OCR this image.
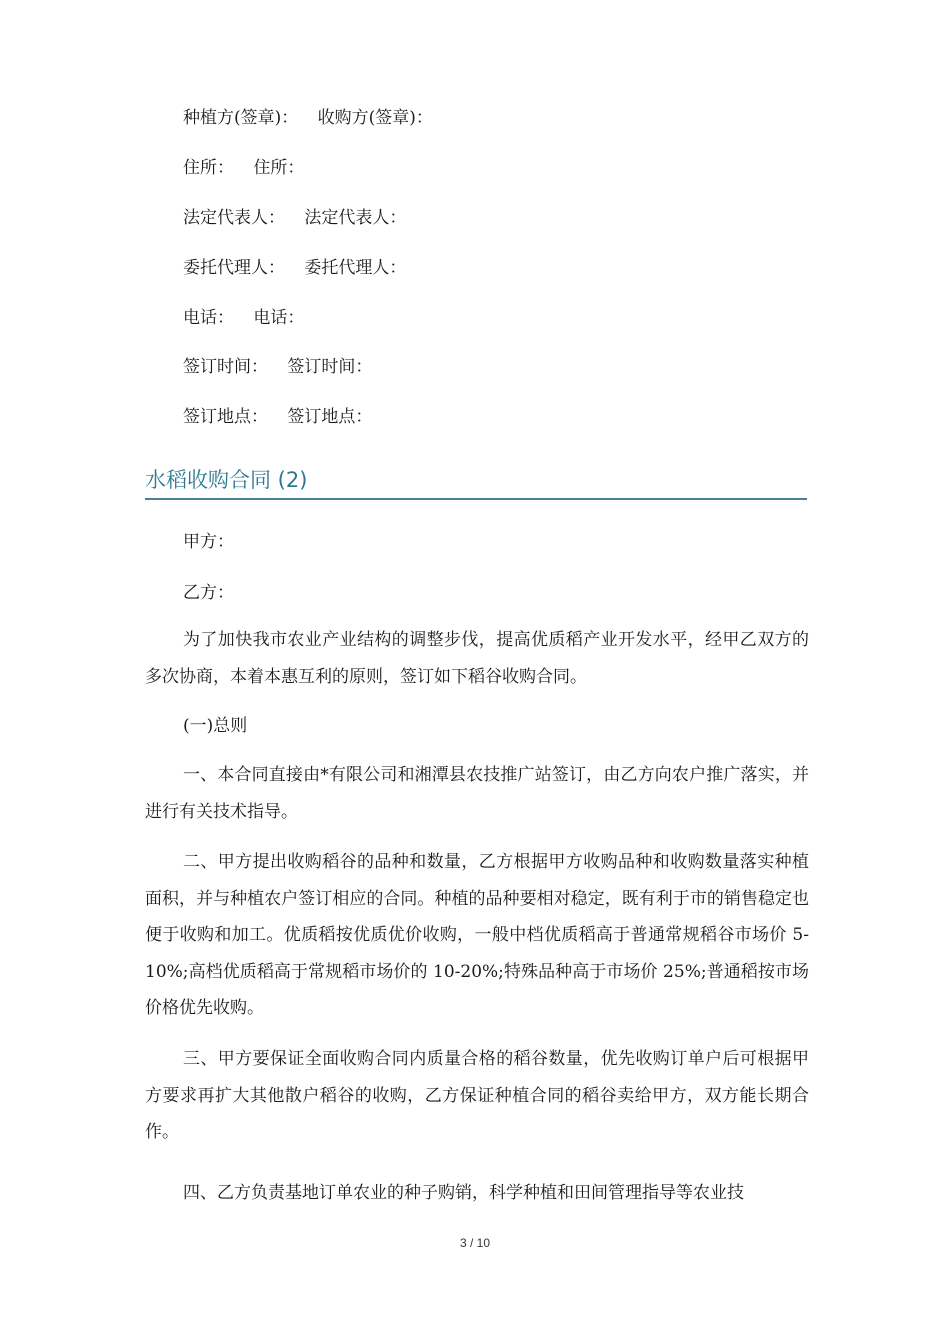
种植方(签章)： 收购方(签章)：
住所： 住所：
法定代表人： 法定代表人：
委托代理人： 委托代理人：
电话： 电话：
签订时间： 签订时间：
签订地点： 签订地点：
水稻收购合同 (2)
甲方：
乙方：

为了加快我市农业产业结构的调整步伐，提高优质稻产业开发水平，经甲乙双方的多次协商，本着本惠互利的原则，签订如下稻谷收购合同。

(一)总则

一、本合同直接由*有限公司和湘潭县农技推广站签订，由乙方向农户推广落实，并进行有关技术指导。

二、甲方提出收购稻谷的品种和数量，乙方根据甲方收购品种和收购数量落实种植面积，并与种植农户签订相应的合同。种植的品种要相对稳定，既有利于市的销售稳定也便于收购和加工。优质稻按优质优价收购，一般中档优质稻高于普通常规稻谷市场价 5-10%;高档优质稻高于常规稻市场价的 10-20%;特殊品种高于市场价 25%;普通稻按市场价格优先收购。

三、甲方要保证全面收购合同内质量合格的稻谷数量，优先收购订单户后可根据甲方要求再扩大其他散户稻谷的收购，乙方保证种植合同的稻谷卖给甲方，双方能长期合作。

四、乙方负责基地订单农业的种子购销，科学种植和田间管理指导等农业技

3 / 10
